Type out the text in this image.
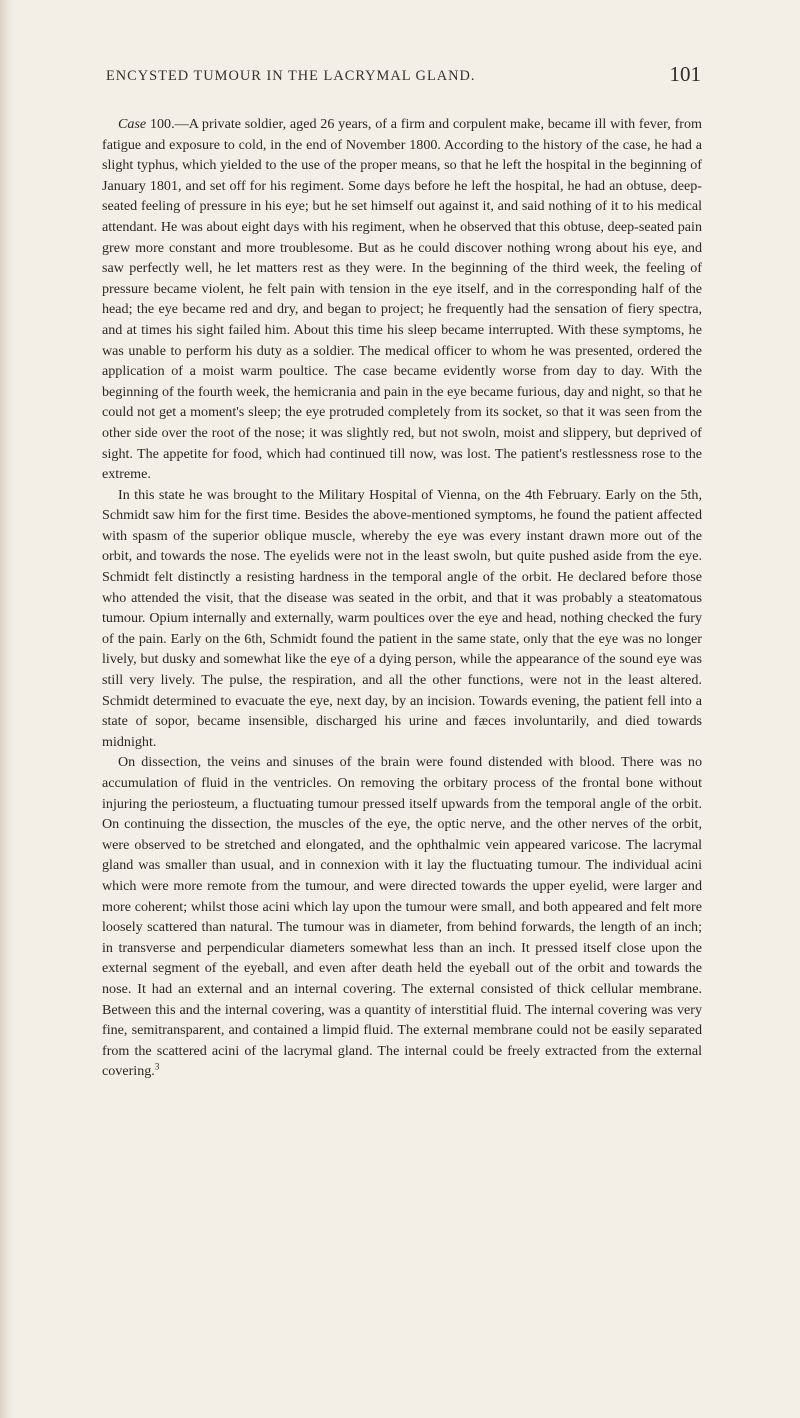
ENCYSTED TUMOUR IN THE LACRYMAL GLAND.	101

Case 100.—A private soldier, aged 26 years, of a firm and corpulent make, became ill with fever, from fatigue and exposure to cold, in the end of November 1800. According to the history of the case, he had a slight typhus, which yielded to the use of the proper means, so that he left the hospital in the beginning of January 1801, and set off for his regiment. Some days before he left the hospital, he had an obtuse, deep-seated feeling of pressure in his eye; but he set himself out against it, and said nothing of it to his medical attendant. He was about eight days with his regiment, when he observed that this obtuse, deep-seated pain grew more constant and more troublesome. But as he could discover nothing wrong about his eye, and saw perfectly well, he let matters rest as they were. In the beginning of the third week, the feeling of pressure became violent, he felt pain with tension in the eye itself, and in the corresponding half of the head; the eye became red and dry, and began to project; he frequently had the sensation of fiery spectra, and at times his sight failed him. About this time his sleep became interrupted. With these symptoms, he was unable to perform his duty as a soldier. The medical officer to whom he was presented, ordered the application of a moist warm poultice. The case became evidently worse from day to day. With the beginning of the fourth week, the hemicrania and pain in the eye became furious, day and night, so that he could not get a moment's sleep; the eye protruded completely from its socket, so that it was seen from the other side over the root of the nose; it was slightly red, but not swoln, moist and slippery, but deprived of sight. The appetite for food, which had continued till now, was lost. The patient's restlessness rose to the extreme.

In this state he was brought to the Military Hospital of Vienna, on the 4th February. Early on the 5th, Schmidt saw him for the first time. Besides the above-mentioned symptoms, he found the patient affected with spasm of the superior oblique muscle, whereby the eye was every instant drawn more out of the orbit, and towards the nose. The eyelids were not in the least swoln, but quite pushed aside from the eye. Schmidt felt distinctly a resisting hardness in the temporal angle of the orbit. He declared before those who attended the visit, that the disease was seated in the orbit, and that it was probably a steatomatous tumour. Opium internally and externally, warm poultices over the eye and head, nothing checked the fury of the pain. Early on the 6th, Schmidt found the patient in the same state, only that the eye was no longer lively, but dusky and somewhat like the eye of a dying person, while the appearance of the sound eye was still very lively. The pulse, the respiration, and all the other functions, were not in the least altered. Schmidt determined to evacuate the eye, next day, by an incision. Towards evening, the patient fell into a state of sopor, became insensible, discharged his urine and fæces involuntarily, and died towards midnight.

On dissection, the veins and sinuses of the brain were found distended with blood. There was no accumulation of fluid in the ventricles. On removing the orbitary process of the frontal bone without injuring the periosteum, a fluctuating tumour pressed itself upwards from the temporal angle of the orbit. On continuing the dissection, the muscles of the eye, the optic nerve, and the other nerves of the orbit, were observed to be stretched and elongated, and the ophthalmic vein appeared varicose. The lacrymal gland was smaller than usual, and in connexion with it lay the fluctuating tumour. The individual acini which were more remote from the tumour, and were directed towards the upper eyelid, were larger and more coherent; whilst those acini which lay upon the tumour were small, and both appeared and felt more loosely scattered than natural. The tumour was in diameter, from behind forwards, the length of an inch; in transverse and perpendicular diameters somewhat less than an inch. It pressed itself close upon the external segment of the eyeball, and even after death held the eyeball out of the orbit and towards the nose. It had an external and an internal covering. The external consisted of thick cellular membrane. Between this and the internal covering, was a quantity of interstitial fluid. The internal covering was very fine, semitransparent, and contained a limpid fluid. The external membrane could not be easily separated from the scattered acini of the lacrymal gland. The internal could be freely extracted from the external covering.$^3$
